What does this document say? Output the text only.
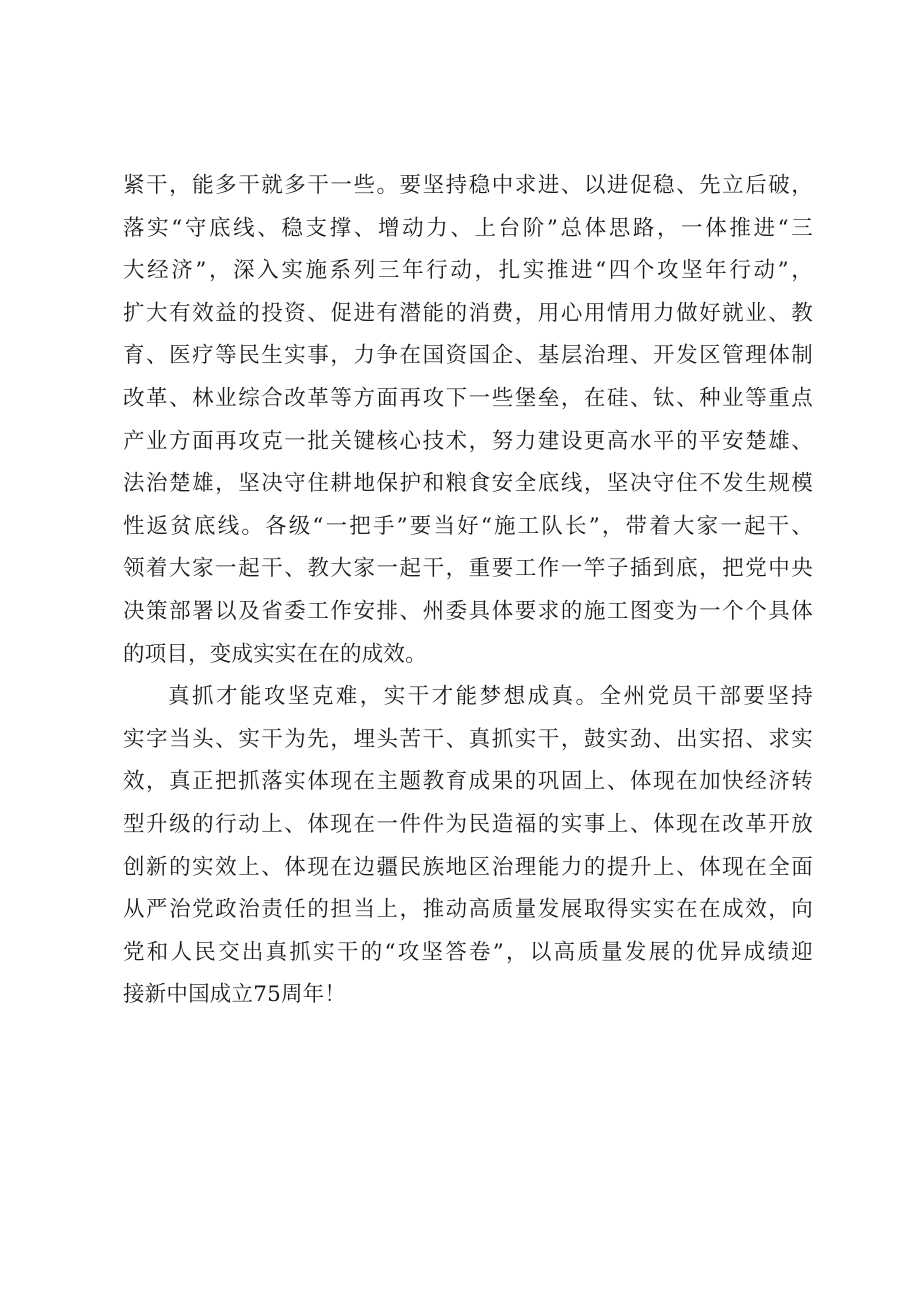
紧干，能多干就多干一些。要坚持稳中求进、以进促稳、先立后破，
落实“守底线、稳支撑、增动力、上台阶”总体思路，一体推进“三
大经济”，深入实施系列三年行动，扎实推进“四个攻坚年行动”，
扩大有效益的投资、促进有潜能的消费，用心用情用力做好就业、教
育、医疗等民生实事，力争在国资国企、基层治理、开发区管理体制
改革、林业综合改革等方面再攻下一些堡垒，在硅、钛、种业等重点
产业方面再攻克一批关键核心技术，努力建设更高水平的平安楚雄、
法治楚雄，坚决守住耕地保护和粮食安全底线，坚决守住不发生规模
性返贫底线。各级“一把手”要当好“施工队长”，带着大家一起干、
领着大家一起干、教大家一起干，重要工作一竿子插到底，把党中央
决策部署以及省委工作安排、州委具体要求的施工图变为一个个具体
的项目，变成实实在在的成效。
真抓才能攻坚克难，实干才能梦想成真。全州党员干部要坚持
实字当头、实干为先，埋头苦干、真抓实干，鼓实劲、出实招、求实
效，真正把抓落实体现在主题教育成果的巩固上、体现在加快经济转
型升级的行动上、体现在一件件为民造福的实事上、体现在改革开放
创新的实效上、体现在边疆民族地区治理能力的提升上、体现在全面
从严治党政治责任的担当上，推动高质量发展取得实实在在成效，向
党和人民交出真抓实干的“攻坚答卷”，以高质量发展的优异成绩迎
接新中国成立75周年！
